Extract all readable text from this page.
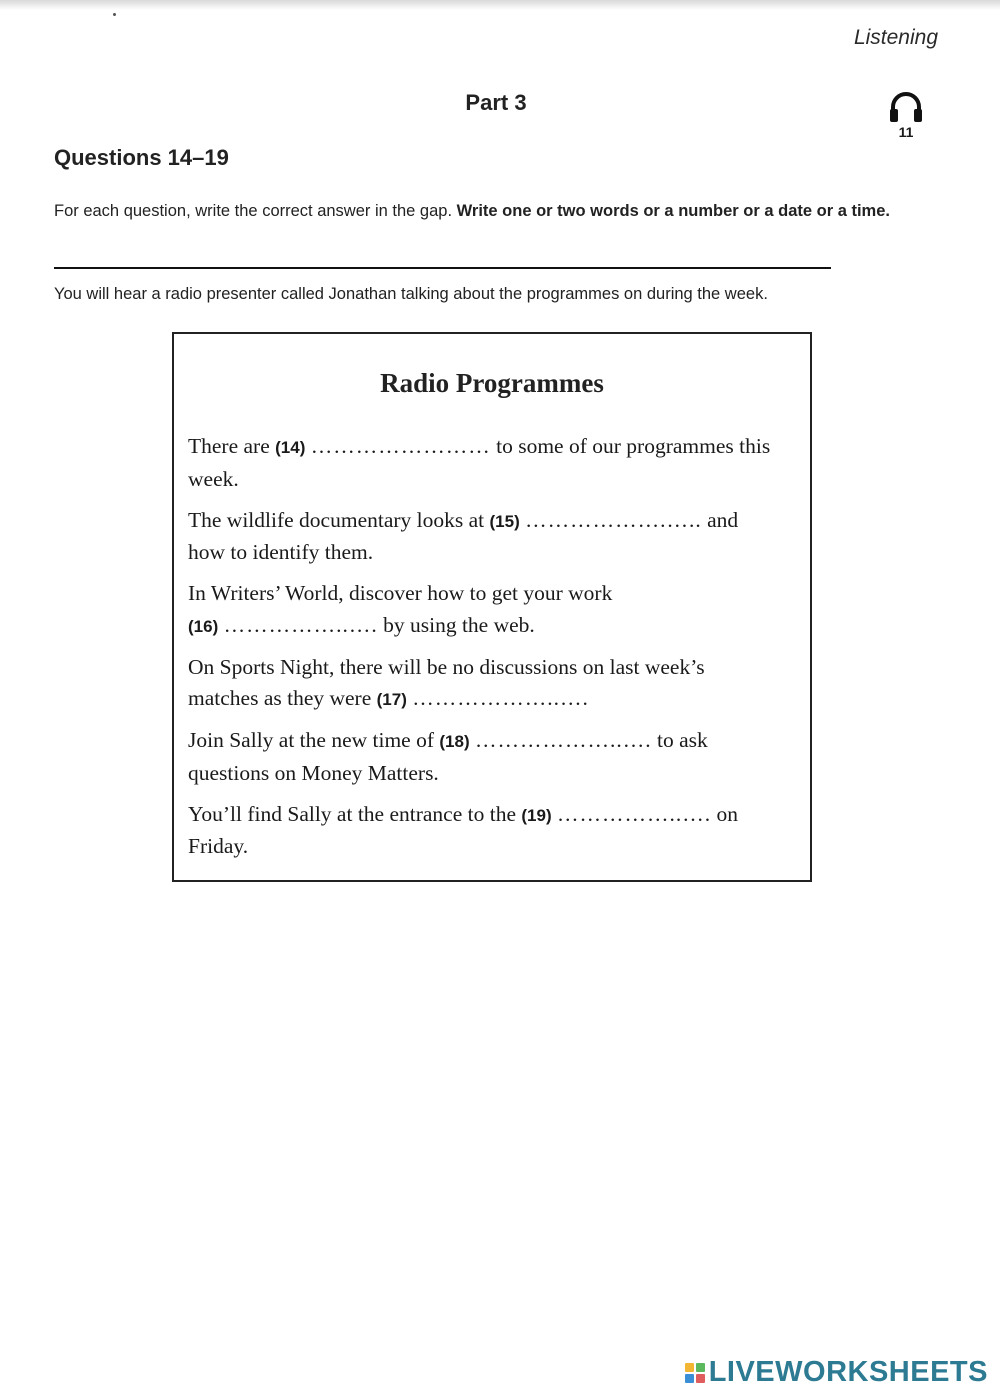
Listening
Part 3
11
Questions 14–19
For each question, write the correct answer in the gap. Write one or two words or a number or a date or a time.
You will hear a radio presenter called Jonathan talking about the programmes on during the week.
Radio Programmes
There are (14) …………………… to some of our programmes this week.
The wildlife documentary looks at (15) ……………….….. and how to identify them.
In Writers’ World, discover how to get your work
(16) ……………..…. by using the web.
On Sports Night, there will be no discussions on last week’s matches as they were (17) ………………..….
Join Sally at the new time of (18) ………………..…. to ask questions on Money Matters.
You’ll find Sally at the entrance to the (19) ……………..…. on Friday.
LIVEWORKSHEETS
